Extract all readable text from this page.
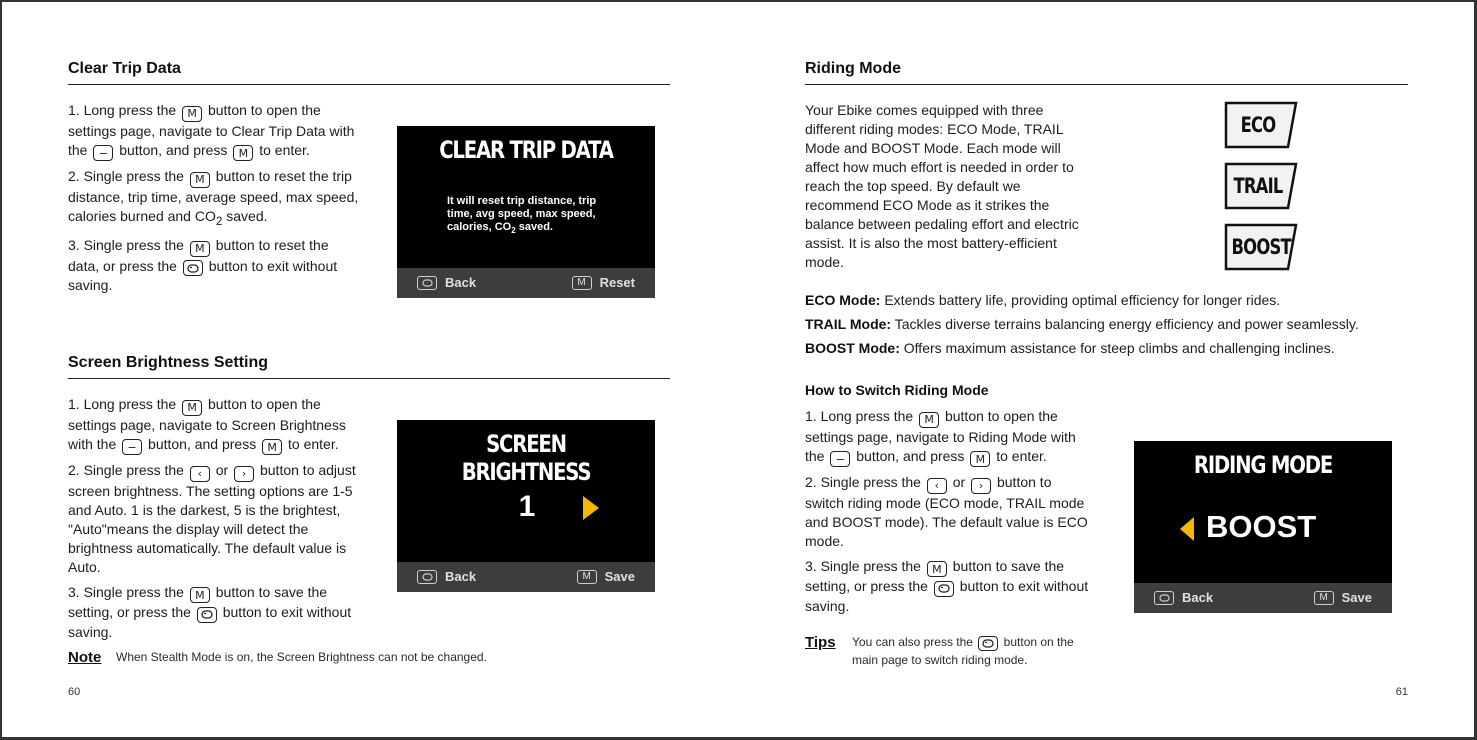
Clear Trip Data

1. Long press the M button to open the settings page, navigate to Clear Trip Data with the − button, and press M to enter.

2. Single press the M button to reset the trip distance, trip time, average speed, max speed, calories burned and $CO_2$ saved.

3. Single press the M button to reset the data, or press the button to exit without saving.

CLEAR TRIP DATA
It will reset trip distance, trip time, avg speed, max speed, calories, $CO_2$ saved.
Back	M	Reset
Screen Brightness Setting

1. Long press the M button to open the settings page, navigate to Screen Brightness with the − button, and press M to enter.

2. Single press the ‹ or › button to adjust screen brightness. The setting options are 1-5 and Auto. 1 is the darkest, 5 is the brightest, "Auto"means the display will detect the brightness automatically. The default value is Auto.

3. Single press the M button to save the setting, or press the button to exit without saving.

SCREEN BRIGHTNESS
1
Back	M	Save
Note When Stealth Mode is on, the Screen Brightness can not be changed.
60
Riding Mode

Your Ebike comes equipped with three different riding modes: ECO Mode, TRAIL Mode and BOOST Mode. Each mode will affect how much effort is needed in order to reach the top speed. By default we recommend ECO Mode as it strikes the balance between pedaling effort and electric assist. It is also the most battery-efficient mode.

ECO
TRAIL
BOOST
ECO Mode: Extends battery life, providing optimal efficiency for longer rides.
TRAIL Mode: Tackles diverse terrains balancing energy efficiency and power seamlessly.
BOOST Mode: Offers maximum assistance for steep climbs and challenging inclines.
How to Switch Riding Mode

1. Long press the M button to open the settings page, navigate to Riding Mode with the − button, and press M to enter.

2. Single press the ‹ or › button to switch riding mode (ECO mode, TRAIL mode and BOOST mode). The default value is ECO mode.

3. Single press the M button to save the setting, or press the button to exit without saving.

RIDING MODE
BOOST
Back	M	Save
Tips You can also press the	button on the main page to switch riding mode.
61
